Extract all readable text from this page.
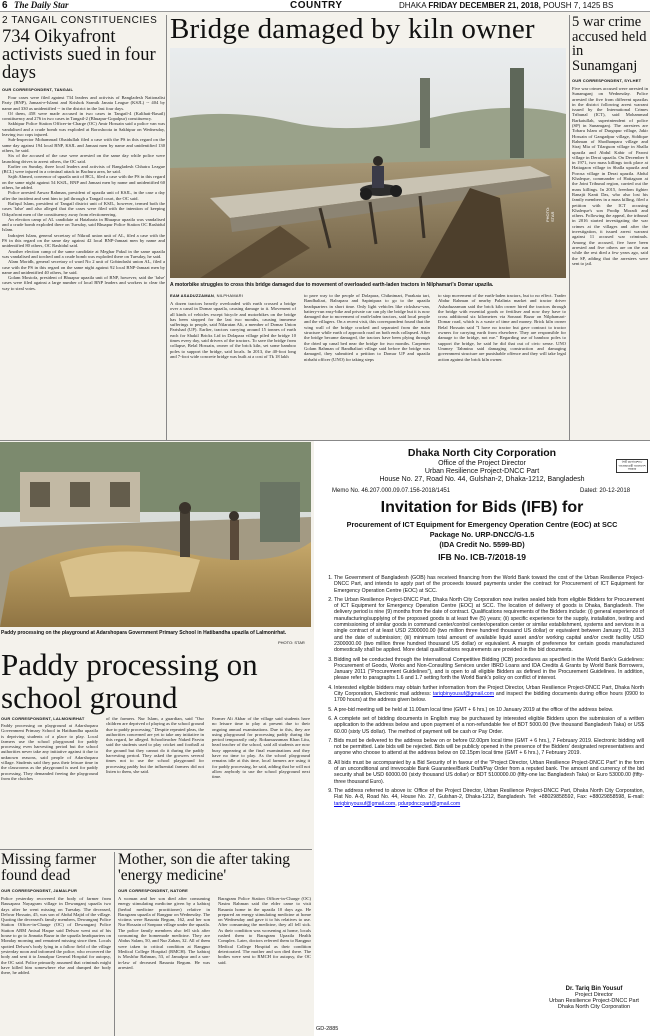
6 The Daily Star	COUNTRY	DHAKA FRIDAY DECEMBER 21, 2018, POUSH 7, 1425 BS
2 TANGAIL CONSTITUENCIES
734 Oikyafront activists sued in four days
OUR CORRESPONDENT, TANGAIL

Four cases were filed against 734 leaders and activists of Bangladesh Nationalist Party (BNP), Jamaat-e-Islami and Krishok Sramik Janata League (KSJL) -- 404 by name and 330 as unidentified -- in the district in the last four days.

Of them, 458 were made accused in two cases in Tangail-4 (Kalihati-Basail) constituency and 276 in two cases in Tangail-2 (Bhuapur-Gopalpur) constituency.

Sakhipur Police Station Officer-in-Charge (OC) Amir Hossain said a police van was vandalised and a crude bomb was exploded at Boroshoota in Sakhipur on Wednesday, leaving two cops injured.

Sub-Inspector Mohammad Obaidullah filed a case with the PS in this regard on the same day against 194 local BNP, KSJL and Jamaat men by name and unidentified 130 others, he said.

Six of the accused of the case were arrested on the same day while police were launching drives to arrest others, the OC said.

Earlier on Sunday, three local leaders and activists of Bangladesh Chhatra League (BCL) were injured in a criminal attack in Bachura area, he said.

Sajib Ahmed, convenor of upazila unit of BCL, filed a case with the PS in this regard on the same night against 54 KSJL, BNP and Jamaat men by name and unidentified 60 others, he added.

Police arrested Anwar Rahman, president of upazila unit of KSJL, in the case a day after the incident and sent him to jail through a Tangail court, the OC said.

Rafiqul Islam, president of Tangail district unit of KSJL, however, termed both the cases 'false' and also alleged that the cases were filed with the intention of keeping Oikyafront men of the constituency away from electioneering.

An election camp of AL candidate at Hatabaria in Bhuapur upazila was vandalised and a crude bomb exploded there on Tuesday, said Bhuapur Police Station OC Rashidul Islam.

Indrajeet Islam, general secretary of Nikrail union unit of AL, filed a case with the PS in this regard on the same day against 42 local BNP-Jamaat men by name and unidentified 80 others, OC Rashidul said.

Another election camp of the same candidate at Meghar Pakul in the same upazila was vandalised and torched and a crude bomb was exploded there on Tuesday, he said.

Alam Moridh, general secretary of ward No 2 unit of Gobindashi union AL, filed a case with the PS in this regard on the same night against 92 local BNP-Jamaat men by name and unidentified 40 others, he said.

Golam Mostofa, president of Bhuapur upazila unit of BNP, however, said the 'false' cases were filed against a large number of local BNP leaders and workers to clear the way to steal votes.

Bridge damaged by kiln owner
A motorbike struggles to cross this bridge damaged due to movement of overloaded earth-laden tractors in Nilphamari's Domar upazila.
PHOTO: STAR
EAM ASADUZZAMAN, NILPHAMARI
A dozen tractors heavily overloaded with earth crossed a bridge over a canal in Domar upazila, causing damage to it. Movement of all kinds of vehicles except bicycle and motorbikes on the bridge has been stopped for the last two months, causing immense sufferings to people, said Nilaratan Ali, a member of Domar Union Parishad (UP). Earlier, tractors carrying around 15 tonnes of earth each for Shakil Bricks Ltd in Dolapara village piled the bridge 10 times every day, said drivers of the tractors. To save the bridge from collapse, Belal Hossain, owner of the brick kiln, set some bamboo poles to support the bridge, said locals. In 2013, the 40-foot long and 7-foot wide concrete bridge was built at a cost of Tk 18 lakh
to pave way to the people of Dolapara, Chiknimari, Parakata tari, Bandbaliari, Balrapara and Sapinipara to go to the upazila headquarters in short time. Only light vehicles like rickshaw-van, battery-run easy-bike and private car can ply the bridge but it is now damaged due to movement of earth-laden tractors, said local people and the villagers. On a recent visit, this correspondent found that the wing wall of the bridge cracked and separated from the main structure while earth of approach road on both ends collapsed. After the bridge became damaged, the tractors have been plying through the dried up canal bed near the bridge for two months. Carpenter Golam Rahman of Bandbaliari village said before the bridge was damaged, they submitted a petition to Domar UP and upazila nirbahi officer (UNO) for taking steps
to stop movement of the earth-laden tractors, but to no effect. Trader Abdur Rahman of nearby Palalinta market and tractor driver Ashaduzzaman said the brick kiln owner hired the tractors through the bridge with essential goods or fertiliser and now they have to cross additional six kilometres via Sonarai Bazar on Nilphamari-Domar road, which is a waste of time and money. Brick kiln owner Belal Hossain said "I have no tractor but gave contract to tractor owners for carrying earth from elsewhere. They are responsible for damage to the bridge, not me." Regarding use of bamboo poles to support the bridge, he said he did that out of civic sense. UNO Ummey Tahmina said damaging construction and damaging government structure are punishable offence and they will take legal action against the brick kiln owner.
5 war crime accused held in Sunamganj
OUR CORRESPONDENT, SYLHET
Five war crimes accused were arrested in Sunamganj on Wednesday. Police arrested the five from different upazilas in the district following arrest warrant issued by the International Crimes Tribunal (ICT), said Mohammad Barkatullah, superintendent of police (SP) in Sunamganj. The arrestees are Tobaru Islam of Durgapur village, Jakir Hossain of Gangadpur village, Siddique Rahman of Shodhanpara village and Siraj Mia of Tilarguon village in Shalla upazila and Abdul Kabir of Paroni village in Derai upazila. On December 6 in 1971, two mass killings took place at Hatiagaon village in Shalla upazila and Porosa village in Derai upazila. Abdul Khaleque, commander of Hatiagaon at the Joint Tribunal region, carried out the mass killings. In 2015, freedom fighter Ranajit Kanti Das, who also lost his family members in a mass killing, filed a petition with the ICT accusing Khaleque's son Prodip Moradi and others. Following the appeal, the tribunal in 2016 started investigating the war crimes at the villages and after the investigation, it issued arrest warrant against 11 accused war criminals. Among the accused, five have been arrested and five others are on the run while the rest died a few years ago, said the SP, adding that the arrestees were sent to jail.
Paddy processing on the playground at Adarshopara Government Primary School in Hatibandha upazila of Lalmonirhat.
PHOTO: STAR
Paddy processing on school ground
OUR CORRESPONDENT, LALMONIRHAT
Paddy processing on playground at Adarshopara Government Primary School in Hatibandha upazila is depriving students of a place to play. Local farmers use the school playground for paddy processing even harvesting period but the school authorities never take any initiative against it due to unknown reasons, said people of Adarshopara village. Students said they pass their leisure time in the classrooms as the playground is used for paddy processing. They demanded freeing the playground from the clutches
of the farmers. Nur Islam, a guardian, said "Our children are deprived of playing as the school ground due to paddy processing." Despite repeated pleas, the authorities concerned are yet to take any initiative in this regard, he alleged. Schoolteacher Naked Parvin said the students used to play cricket and football at the ground but they cannot do it during the paddy harvesting period. They asked the growers several times not to use the school playground for processing paddy but the influential farmers did not listen to them, she said.
Farmer Ali Akbar of the village said students have no leisure time to play at present due to their ongoing annual examinations. Due to this, they are using playground for processing paddy during the period temporarily only. Rokunuzzaman Khan Litu, head teacher of the school, said all students are now busy appearing at the final examinations and they have no time to play. As the school playground remains idle at this time, local farmers are using it for paddy processing, he said, adding that he will not allow anybody to use the school playground next time.
Missing farmer found dead
OUR CORRESPONDENT, JAMALPUR
Police yesterday recovered the body of farmer from Bausapara Nayagram village in Dewanganj upazila two days after he went missing on Tuesday. The deceased, Delwar Hossain, 45, was son of Abdul Majid of the village. Quoting the deceased's family members, Dewanganj Police Station Officer-in-Charge (OC) of Dewanganj Police Station ABM Anisul Haque said Delwar went out of his house to go to Jinnatia Bazar in the upazila headquarters on Monday morning and remained missing since then. Locals spotted Delwar's body lying in a fallow field of the village yesterday noon and informed the police, who recovered the body and sent it to Jamalpur General Hospital for autopsy, the OC said. Police primarily assumed that criminals might have killed him somewhere else and dumped the body there, he added.
Mother, son die after taking 'energy medicine'
OUR CORRESPONDENT, NATORE
A woman and her son died after consuming energy stimulating medicine given by a kabiraj (herbal medicine practitioner) relative in Baragram upazila of Rangpur on Wednesday. The victims were Rasunta Begum, 162, and her son Nur Hossain of Sonpara village under the upazila. The police family members also fell sick after consuming the homemade medicine. They are Abdus Salam, 50, and Nur Zahan, 32. All of them were taken to critical condition at Rangpur Medical College Hospital (RMCH). The kabiraj is Moshfur Rahman, 53, of Jamalpur and a son-in-law of deceased Rasunta Begum. He was arrested.
Baragram Police Station Officer-in-Charge (OC) Nasim Rahman said the elder came to visit Rasunta home in the upazila 10 days ago. He prepared an energy stimulating medicine at home on Wednesday and gave it to his relatives to use. After consuming the medicine, they all fell sick. As their condition was worsening at home, locals rushed them to Baragram Upazila Health Complex. Later, doctors referred them to Rangpur Medical College Hospital as their condition deteriorated. The mother and son died there. The bodies were sent to RMCH for autopsy, the OC said.
সিটি কর্পোরেশন / গণপ্রজাতন্ত্রী বাংলাদেশ সরকার
Dhaka North City Corporation
Office of the Project Director
Urban Resilience Project-DNCC Part
House No. 27, Road No. 44, Gulshan-2, Dhaka-1212, Bangladesh
Memo No. 46.207.000.09.07.156-2018/1451	Dated: 20-12-2018
Invitation for Bids (IFB) for
Procurement of ICT Equipment for Emergency Operation Centre (EOC) at SCC
Package No. URP-DNCC/G-1.5
(IDA Credit No. 5599-BD)
IFB No. ICB-7/2018-19
1. The Government of Bangladesh (GOB) has received financing from the World Bank toward the cost of the Urban Resilience Project-DNCC Part, and intends to apply part of the proceeds toward payments under the contract for Procurement of ICT Equipment for Emergency Operation Centre (EOC) at SCC.
2. The Urban Resilience Project-DNCC Part, Dhaka North City Corporation now invites sealed bids from eligible Bidders for Procurement of ICT Equipment for Emergency Operation Centre (EOC) at SCC. The location of delivery of goods is Dhaka, Bangladesh. The delivery period is nine (9) months from the date of contract. Qualifications requirements of the Bidders include: (i) general experience of manufacturing/supplying of the proposed goods is at least five (5) years; (ii) specific experience for the supply, installation, testing and commissioning of similar goods in command center/control center/operation center or similar establishment, systems and services in a single contract of at least USD 2300000.00 (two million three hundred thousand US dollar) or equivalent between January 01, 2013 and the date of submission; (iii) minimum total amount of available liquid asset and/or working capital and/or credit facility USD 2300000.00 (two million three hundred thousand US dollar) or equivalent. A margin of preference for certain goods manufactured domestically shall be applied. More detail qualifications requirements are provided in the bid documents.
3. Bidding will be conducted through the International Competitive Bidding (ICB) procedures as specified in the World Bank's Guidelines: Procurement of Goods, Works and Non-Consulting Services under IBRD Loans and IDA Credits & Grants by World Bank Borrowers, January 2011 ("Procurement Guidelines"), and is open to all eligible Bidders as defined in the Procurement Guidelines. In addition, please refer to paragraphs 1.6 and 1.7 setting forth the World Bank's policy on conflict of interest.
4. Interested eligible bidders may obtain further information from the Project Director, Urban Resilience Project-DNCC Part, Dhaka North City Corporation, Electronic mail address: tariqbinyousuf@gmail.com and inspect the bidding documents during office hours (0900 to 1700 hours) at the address given below.
5. A pre-bid meeting will be held at 11.00am local time (GMT + 6 hrs.) on 10 January 2019 at the office of the address below.
6. A complete set of bidding documents in English may be purchased by interested eligible Bidders upon the submission of a written application to the address below and upon payment of a non-refundable fee of BDT 5000.00 (five thousand Bangladesh Taka) or US$ 60.00 (sixty US dollar). The method of payment will be cash or Pay Order.
7. Bids must be delivered to the address below on or before 02.00pm local time (GMT + 6 hrs.), 7 February 2019. Electronic bidding will not be permitted. Late bids will be rejected. Bids will be publicly opened in the presence of the Bidders' designated representatives and anyone who choose to attend at the address below on 02.15pm local time (GMT + 6 hrs.), 7 February 2019.
8. All bids must be accompanied by a Bid Security of in favour of the "Project Director, Urban Resilience Project-DNCC Part" in the form of an unconditional and irrevocable Bank Guarantee/Bank Draft/Pay Order from a reputed bank. The amount and currency of the bid security shall be USD 60000.00 (sixty thousand US dollar) or BDT 5100000.00 (fifty-one lac Bangladesh Taka) or Euro 53000.00 (fifty-three thousand Euro).
9. The address referred to above is: Office of the Project Director, Urban Resilience Project-DNCC Part, Dhaka North City Corporation, Flat No. A-8, Road No. 44, House No. 27, Gulshan-2, Dhaka-1212, Bangladesh. Tel: +88029858592, Fax: +88029858598, E-mail: tariqbinyousuf@gmail.com, pdurpdnccpart@gmail.com
Dr. Tariq Bin Yousuf
Project Director
Urban Resilience Project-DNCC Part
Dhaka North City Corporation
GD-2885
